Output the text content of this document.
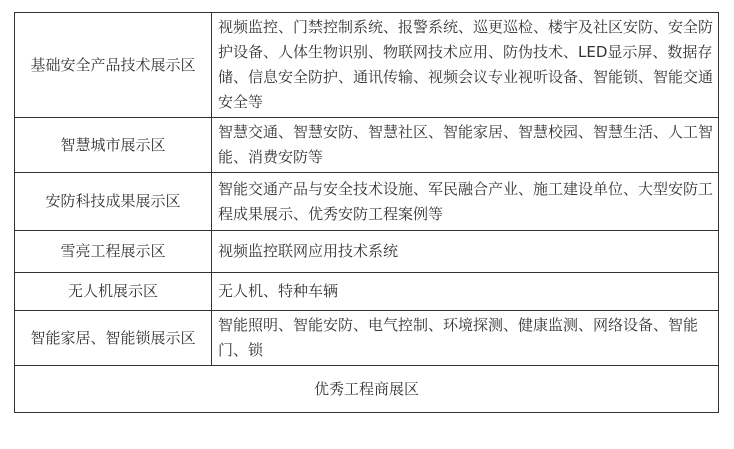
基础安全产品技术展示区	视频监控、门禁控制系统、报警系统、巡更巡检、楼宇及社区安防、安全防护设备、人体生物识别、物联网技术应用、防伪技术、LED显示屏、数据存储、信息安全防护、通讯传输、视频会议专业视听设备、智能锁、智能交通安全等
智慧城市展示区	智慧交通、智慧安防、智慧社区、智能家居、智慧校园、智慧生活、人工智能、消费安防等
安防科技成果展示区	智能交通产品与安全技术设施、军民融合产业、施工建设单位、大型安防工程成果展示、优秀安防工程案例等
雪亮工程展示区	视频监控联网应用技术系统
无人机展示区	无人机、特种车辆
智能家居、智能锁展示区	智能照明、智能安防、电气控制、环境探测、健康监测、网络设备、智能门、锁
优秀工程商展区	
